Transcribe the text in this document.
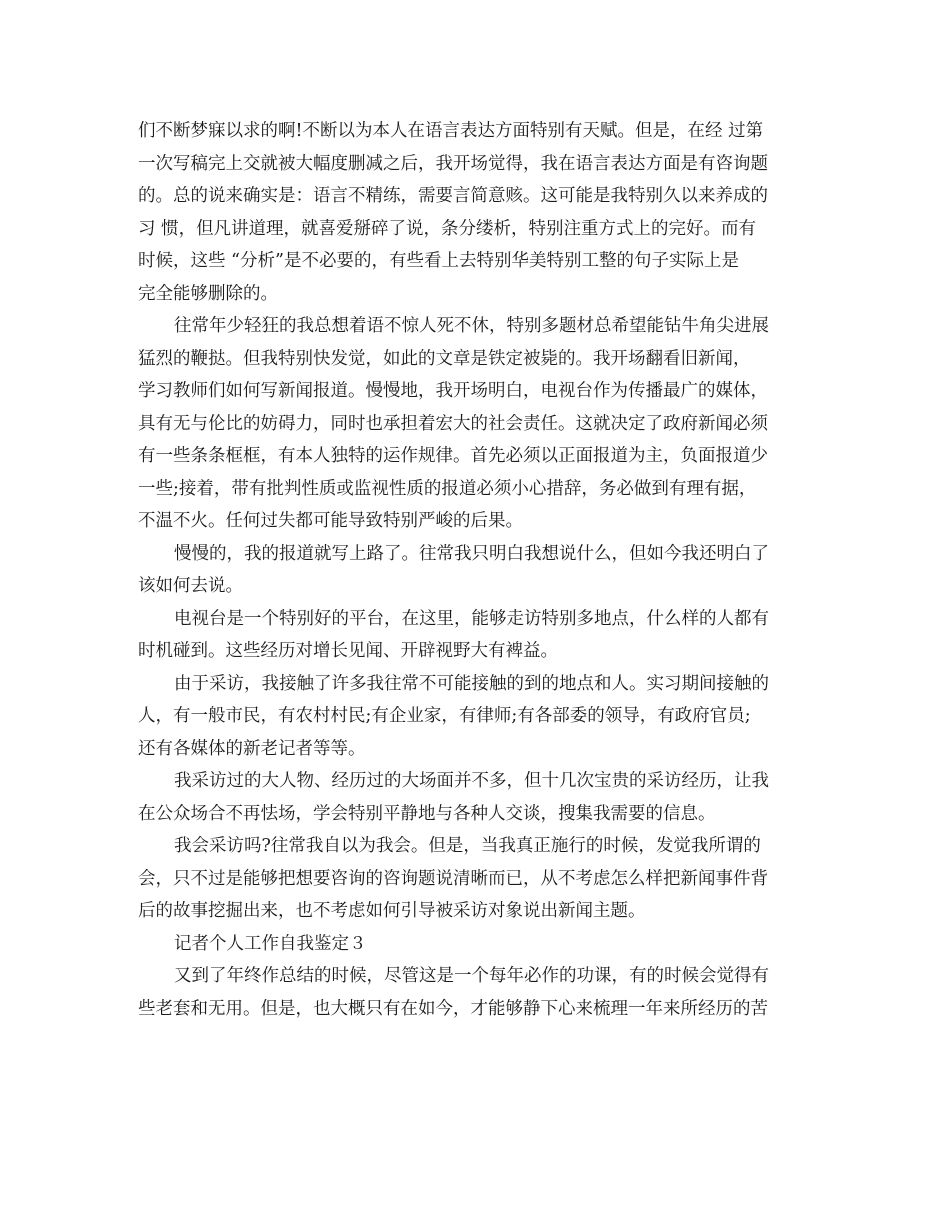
们不断梦寐以求的啊!不断以为本人在语言表达方面特别有天赋。但是，在经 过第
一次写稿完上交就被大幅度删减之后，我开场觉得，我在语言表达方面是有咨询题
的。总的说来确实是：语言不精练，需要言简意赅。这可能是我特别久以来养成的
习 惯，但凡讲道理，就喜爱掰碎了说，条分缕析，特别注重方式上的完好。而有
时候，这些 “分析”是不必要的，有些看上去特别华美特别工整的句子实际上是
完全能够删除的。
往常年少轻狂的我总想着语不惊人死不休，特别多题材总希望能钻牛角尖进展
猛烈的鞭挞。但我特别快发觉，如此的文章是铁定被毙的。我开场翻看旧新闻，
学习教师们如何写新闻报道。慢慢地，我开场明白，电视台作为传播最广的媒体，
具有无与伦比的妨碍力，同时也承担着宏大的社会责任。这就决定了政府新闻必须
有一些条条框框，有本人独特的运作规律。首先必须以正面报道为主，负面报道少
一些;接着，带有批判性质或监视性质的报道必须小心措辞，务必做到有理有据，
不温不火。任何过失都可能导致特别严峻的后果。
慢慢的，我的报道就写上路了。往常我只明白我想说什么，但如今我还明白了
该如何去说。
电视台是一个特别好的平台，在这里，能够走访特别多地点，什么样的人都有
时机碰到。这些经历对增长见闻、开辟视野大有裨益。
由于采访，我接触了许多我往常不可能接触的到的地点和人。实习期间接触的
人，有一般市民，有农村村民;有企业家，有律师;有各部委的领导，有政府官员;
还有各媒体的新老记者等等。
我采访过的大人物、经历过的大场面并不多，但十几次宝贵的采访经历，让我
在公众场合不再怯场，学会特别平静地与各种人交谈，搜集我需要的信息。
我会采访吗?往常我自以为我会。但是，当我真正施行的时候，发觉我所谓的
会，只不过是能够把想要咨询的咨询题说清晰而已，从不考虑怎么样把新闻事件背
后的故事挖掘出来，也不考虑如何引导被采访对象说出新闻主题。
记者个人工作自我鉴定３
又到了年终作总结的时候，尽管这是一个每年必作的功课，有的时候会觉得有
些老套和无用。但是，也大概只有在如今，才能够静下心来梳理一年来所经历的苦
